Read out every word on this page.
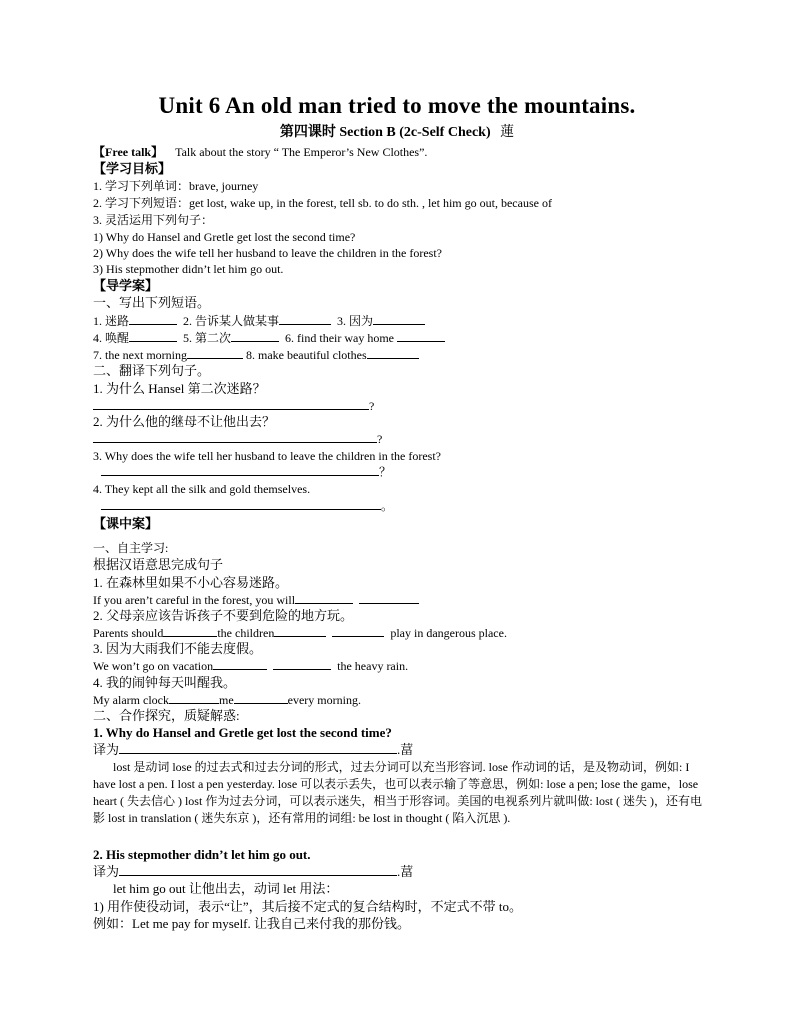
Unit 6 An old man tried to move the mountains.
第四课时 Section B (2c-Self Check) 蓮
【Free talk】 Talk about the story “ The Emperor’s New Clothes”.
【学习目标】
1. 学习下列单词：brave, journey
2. 学习下列短语：get lost, wake up, in the forest, tell sb. to do sth. , let him go out, because of
3. 灵活运用下列句子：
1) Why do Hansel and Gretle get lost the second time?
2) Why does the wife tell her husband to leave the children in the forest?
3) His stepmother didn’t let him go out.
【导学案】
一、写出下列短语。
1. 迷路	2. 告诉某人做某事	3. 因为
4. 唤醒	5. 第二次	6. find their way home
7. the next morning	8. make beautiful clothes
二、翻译下列句子。
1. 为什么 Hansel 第二次迷路？
?
2. 为什么他的继母不让他出去？
?
3. Why does the wife tell her husband to leave the children in the forest?
？
4. They kept all the silk and gold themselves.
。
【课中案】
一、自主学习:
根据汉语意思完成句子
1. 在森林里如果不小心容易迷路。
If you aren’t careful in the forest, you will
2. 父母亲应该告诉孩子不要到危险的地方玩。
Parents should	the children	play in dangerous place.
3. 因为大雨我们不能去度假。
We won’t go on vacation	the heavy rain.
4. 我的闹钟每天叫醒我。
My alarm clock	me	every morning.
二、合作探究，质疑解惑:
1. Why do Hansel and Gretle get lost the second time?
译为	.葍
lost 是动词 lose 的过去式和过去分词的形式，过去分词可以充当形容词. lose 作动词的话，是及物动词，例如: I have lost a pen. I lost a pen yesterday. lose 可以表示丢失，也可以表示输了等意思，例如: lose a pen; lose the game，lose heart ( 失去信心 ) lost 作为过去分词，可以表示迷失，相当于形容词。美国的电视系列片就叫做: lost ( 迷失 )，还有电影 lost in translation ( 迷失东京 )，还有常用的词组: be lost in thought ( 陷入沉思 ).
2. His stepmother didn’t let him go out.
译为	.葍
let him go out 让他出去，动词 let 用法：
1) 用作使役动词，表示“让”，其后接不定式的复合结构时，不定式不带 to。
例如：Let me pay for myself. 让我自己来付我的那份钱。
